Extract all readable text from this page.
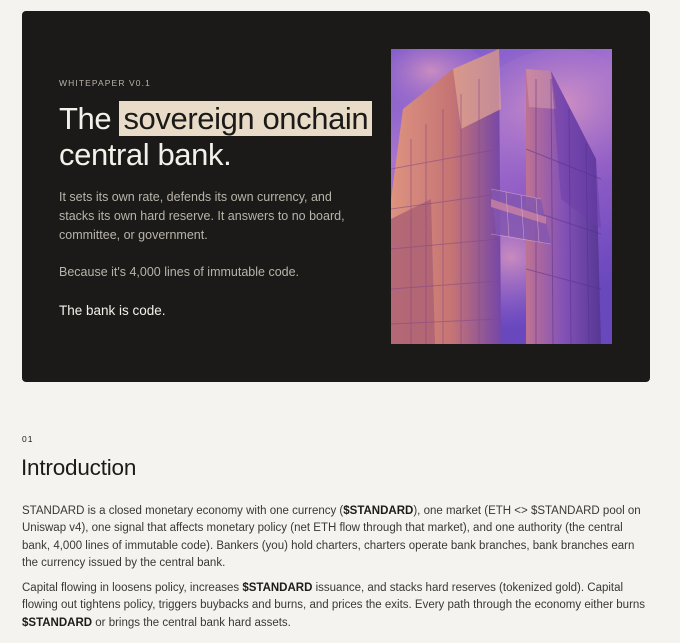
WHITEPAPER V0.1
The sovereign onchain
central bank.

It sets its own rate, defends its own currency, and stacks its own hard reserve. It answers to no board, committee, or government.

Because it's 4,000 lines of immutable code.

The bank is code.

01
Introduction

STANDARD is a closed monetary economy with one currency ($STANDARD), one market (ETH <> $STANDARD pool on Uniswap v4), one signal that affects monetary policy (net ETH flow through that market), and one authority (the central bank, 4,000 lines of immutable code). Bankers (you) hold charters, charters operate bank branches, bank branches earn the currency issued by the central bank.

Capital flowing in loosens policy, increases $STANDARD issuance, and stacks hard reserves (tokenized gold). Capital flowing out tightens policy, triggers buybacks and burns, and prices the exits. Every path through the economy either burns $STANDARD or brings the central bank hard assets.
